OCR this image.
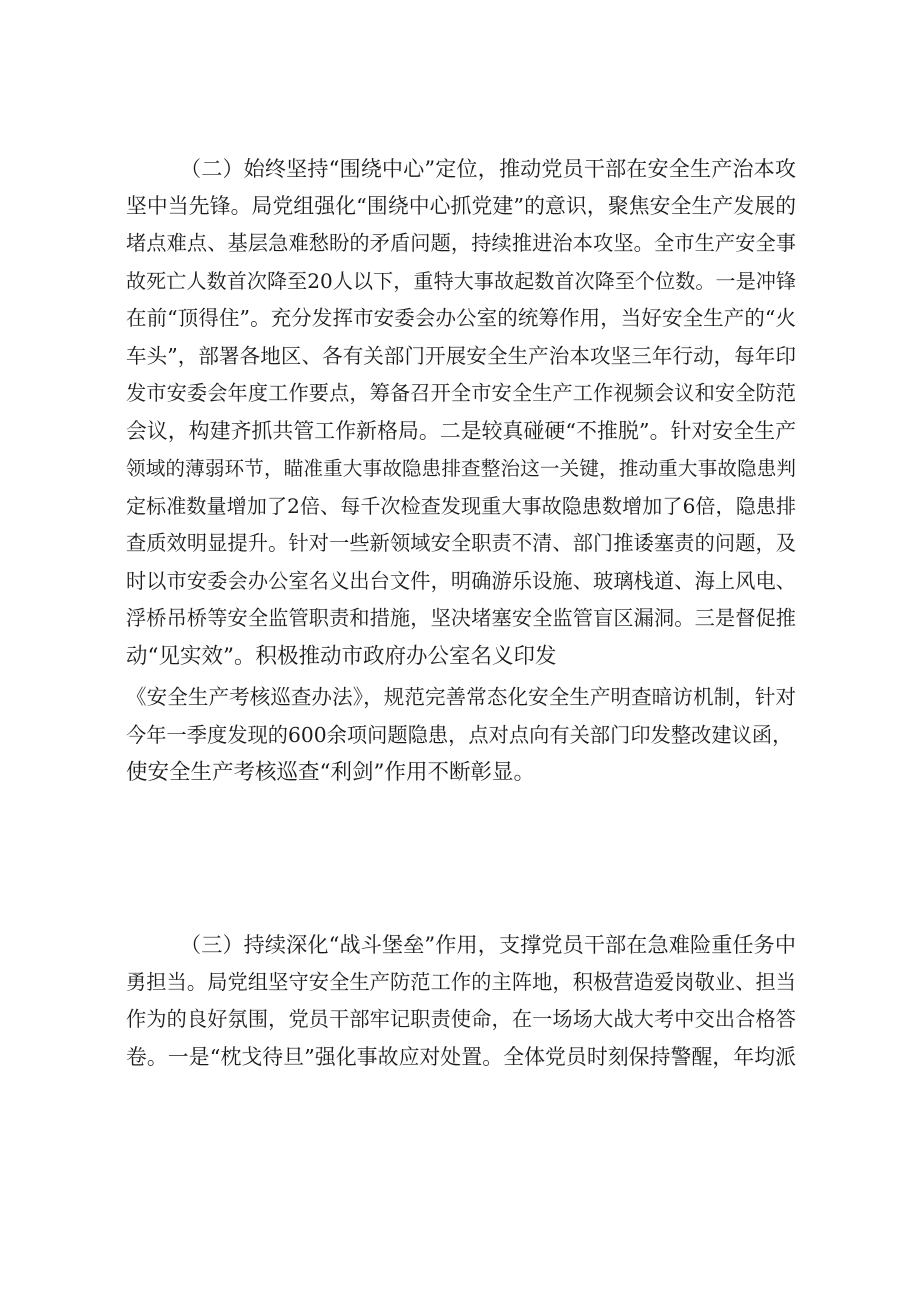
（二）始终坚持“围绕中心”定位，推动党员干部在安全生产治本攻
坚中当先锋。局党组强化“围绕中心抓党建”的意识，聚焦安全生产发展的
堵点难点、基层急难愁盼的矛盾问题，持续推进治本攻坚。全市生产安全事
故死亡人数首次降至20人以下，重特大事故起数首次降至个位数。一是冲锋
在前“顶得住”。充分发挥市安委会办公室的统筹作用，当好安全生产的“火
车头”，部署各地区、各有关部门开展安全生产治本攻坚三年行动，每年印
发市安委会年度工作要点，筹备召开全市安全生产工作视频会议和安全防范
会议，构建齐抓共管工作新格局。二是较真碰硬“不推脱”。针对安全生产
领域的薄弱环节，瞄准重大事故隐患排查整治这一关键，推动重大事故隐患判
定标准数量增加了2倍、每千次检查发现重大事故隐患数增加了6倍，隐患排
查质效明显提升。针对一些新领域安全职责不清、部门推诿塞责的问题，及
时以市安委会办公室名义出台文件，明确游乐设施、玻璃栈道、海上风电、
浮桥吊桥等安全监管职责和措施，坚决堵塞安全监管盲区漏洞。三是督促推
动“见实效”。积极推动市政府办公室名义印发
《安全生产考核巡查办法》，规范完善常态化安全生产明查暗访机制，针对
今年一季度发现的600余项问题隐患，点对点向有关部门印发整改建议函，
使安全生产考核巡查“利剑”作用不断彰显。
（三）持续深化“战斗堡垒”作用，支撑党员干部在急难险重任务中
勇担当。局党组坚守安全生产防范工作的主阵地，积极营造爱岗敬业、担当
作为的良好氛围，党员干部牢记职责使命，在一场场大战大考中交出合格答
卷。一是“枕戈待旦”强化事故应对处置。全体党员时刻保持警醒，年均派
